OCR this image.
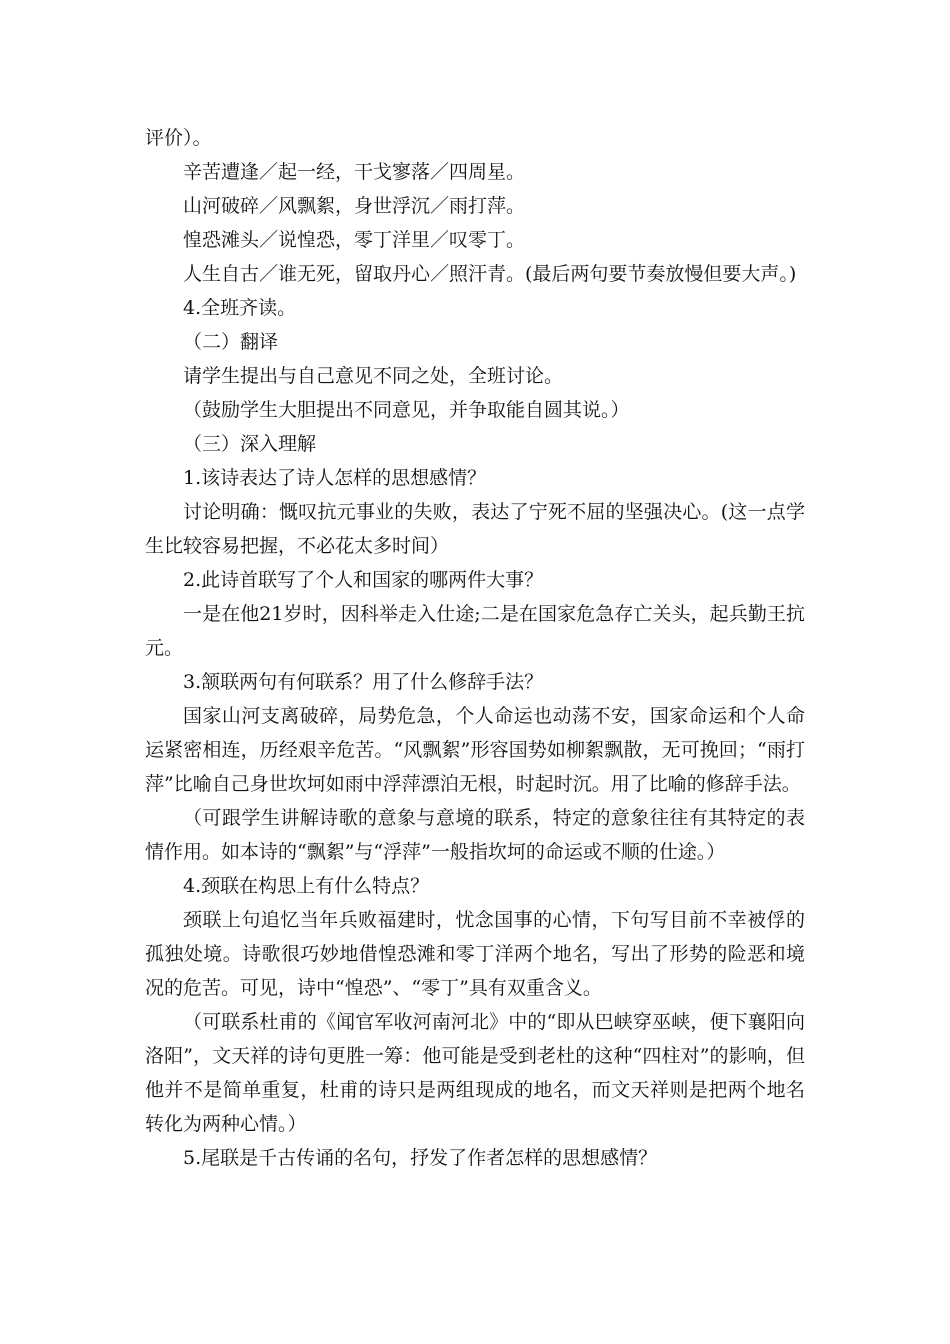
评价）。

辛苦遭逢／起一经，干戈寥落／四周星。

山河破碎／风飘絮，身世浮沉／雨打萍。

惶恐滩头／说惶恐，零丁洋里／叹零丁。

人生自古／谁无死，留取丹心／照汗青。(最后两句要节奏放慢但要大声。)

4.全班齐读。

（二）翻译

请学生提出与自己意见不同之处，全班讨论。

（鼓励学生大胆提出不同意见，并争取能自圆其说。）

（三）深入理解

1.该诗表达了诗人怎样的思想感情？

讨论明确：慨叹抗元事业的失败，表达了宁死不屈的坚强决心。(这一点学生比较容易把握，不必花太多时间）

2.此诗首联写了个人和国家的哪两件大事？

一是在他21岁时，因科举走入仕途;二是在国家危急存亡关头，起兵勤王抗元。

3.颔联两句有何联系？用了什么修辞手法？

国家山河支离破碎，局势危急，个人命运也动荡不安，国家命运和个人命运紧密相连，历经艰辛危苦。“风飘絮”形容国势如柳絮飘散，无可挽回；“雨打萍”比喻自己身世坎坷如雨中浮萍漂泊无根，时起时沉。用了比喻的修辞手法。

（可跟学生讲解诗歌的意象与意境的联系，特定的意象往往有其特定的表情作用。如本诗的“飘絮”与“浮萍”一般指坎坷的命运或不顺的仕途。）

4.颈联在构思上有什么特点？

颈联上句追忆当年兵败福建时，忧念国事的心情，下句写目前不幸被俘的孤独处境。诗歌很巧妙地借惶恐滩和零丁洋两个地名，写出了形势的险恶和境况的危苦。可见，诗中“惶恐”、“零丁”具有双重含义。

（可联系杜甫的《闻官军收河南河北》中的“即从巴峡穿巫峡，便下襄阳向洛阳”，文天祥的诗句更胜一筹：他可能是受到老杜的这种“四柱对”的影响，但他并不是简单重复，杜甫的诗只是两组现成的地名，而文天祥则是把两个地名转化为两种心情。）

5.尾联是千古传诵的名句，抒发了作者怎样的思想感情？
